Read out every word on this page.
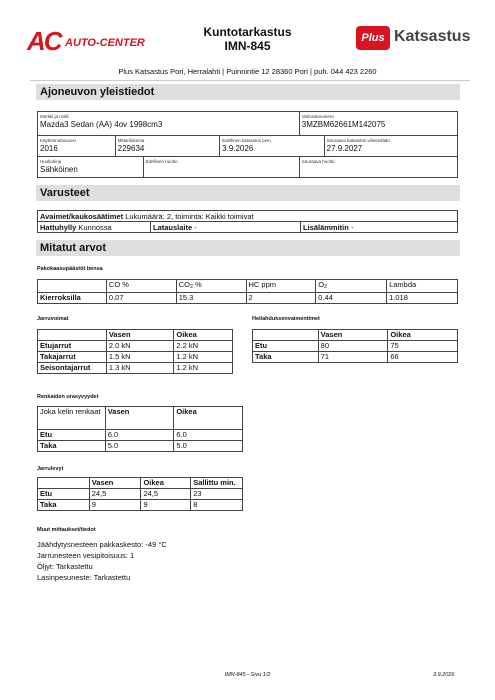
AC AUTO-CENTER
Kuntotarkastus
IMN-845
Plus Katsastus
Plus Katsastus Pori, Herralahti | Puinnintie 12 28360 Pori | puh. 044 423 2260
Ajoneuvon yleistiedot
Merkki ja malli
Mazda3 Sedan (AA) 4ov 1998cm3
Valmistenumero
3MZBM62661M142075
Käyttöönottovuosi
2016
Mittarilukema
229634
Edellinen katsastus pvm.
3.9.2026
Seuraava katsastus viimeistään
27.9.2027
Huoltokirja
Sähköinen
Edellinen huolto	Seuraava huolto
Varusteet
Avaimet/kaukosäätimet Lukumäärä: 2, toiminta: Kaikki toimivat
Hattuhylly Kunnossa	Latauslaite -	Lisälämmitin -
Mitatut arvot
Pakokaasupäästöt bensa
	CO %	$CO_2$ %	HC ppm	$O_2$	Lambda
Kierroksilla	0.07	15.3	2	0.44	1.018
Jarruvoimat
	Vasen	Oikea
Etujarrut	2.0 kN	2.2 kN
Takajarrut	1.5 kN	1.2 kN
Seisontajarrut	1.3 kN	1.2 kN
Heilahduksenvaimentimet
	Vasen	Oikea
Etu	80	75
Taka	71	66
Renkaiden urasyvyydet
Joka kelin renkaat	Vasen	Oikea
Etu	6.0	6.0
Taka	5.0	5.0
Jarrulevyt
	Vasen	Oikea	Sallittu min.
Etu	24,5	24,5	23
Taka	9	9	8
Muut mittaukset/tiedot
Jäähdytysnesteen pakkaskesto: -49 °C
Jarrunesteen vesipitoisuus: 1
Öljyt: Tarkastettu
Lasinpesuneste: Tarkastettu
IMN-845 - Sivu 1/2	3.9.2026
